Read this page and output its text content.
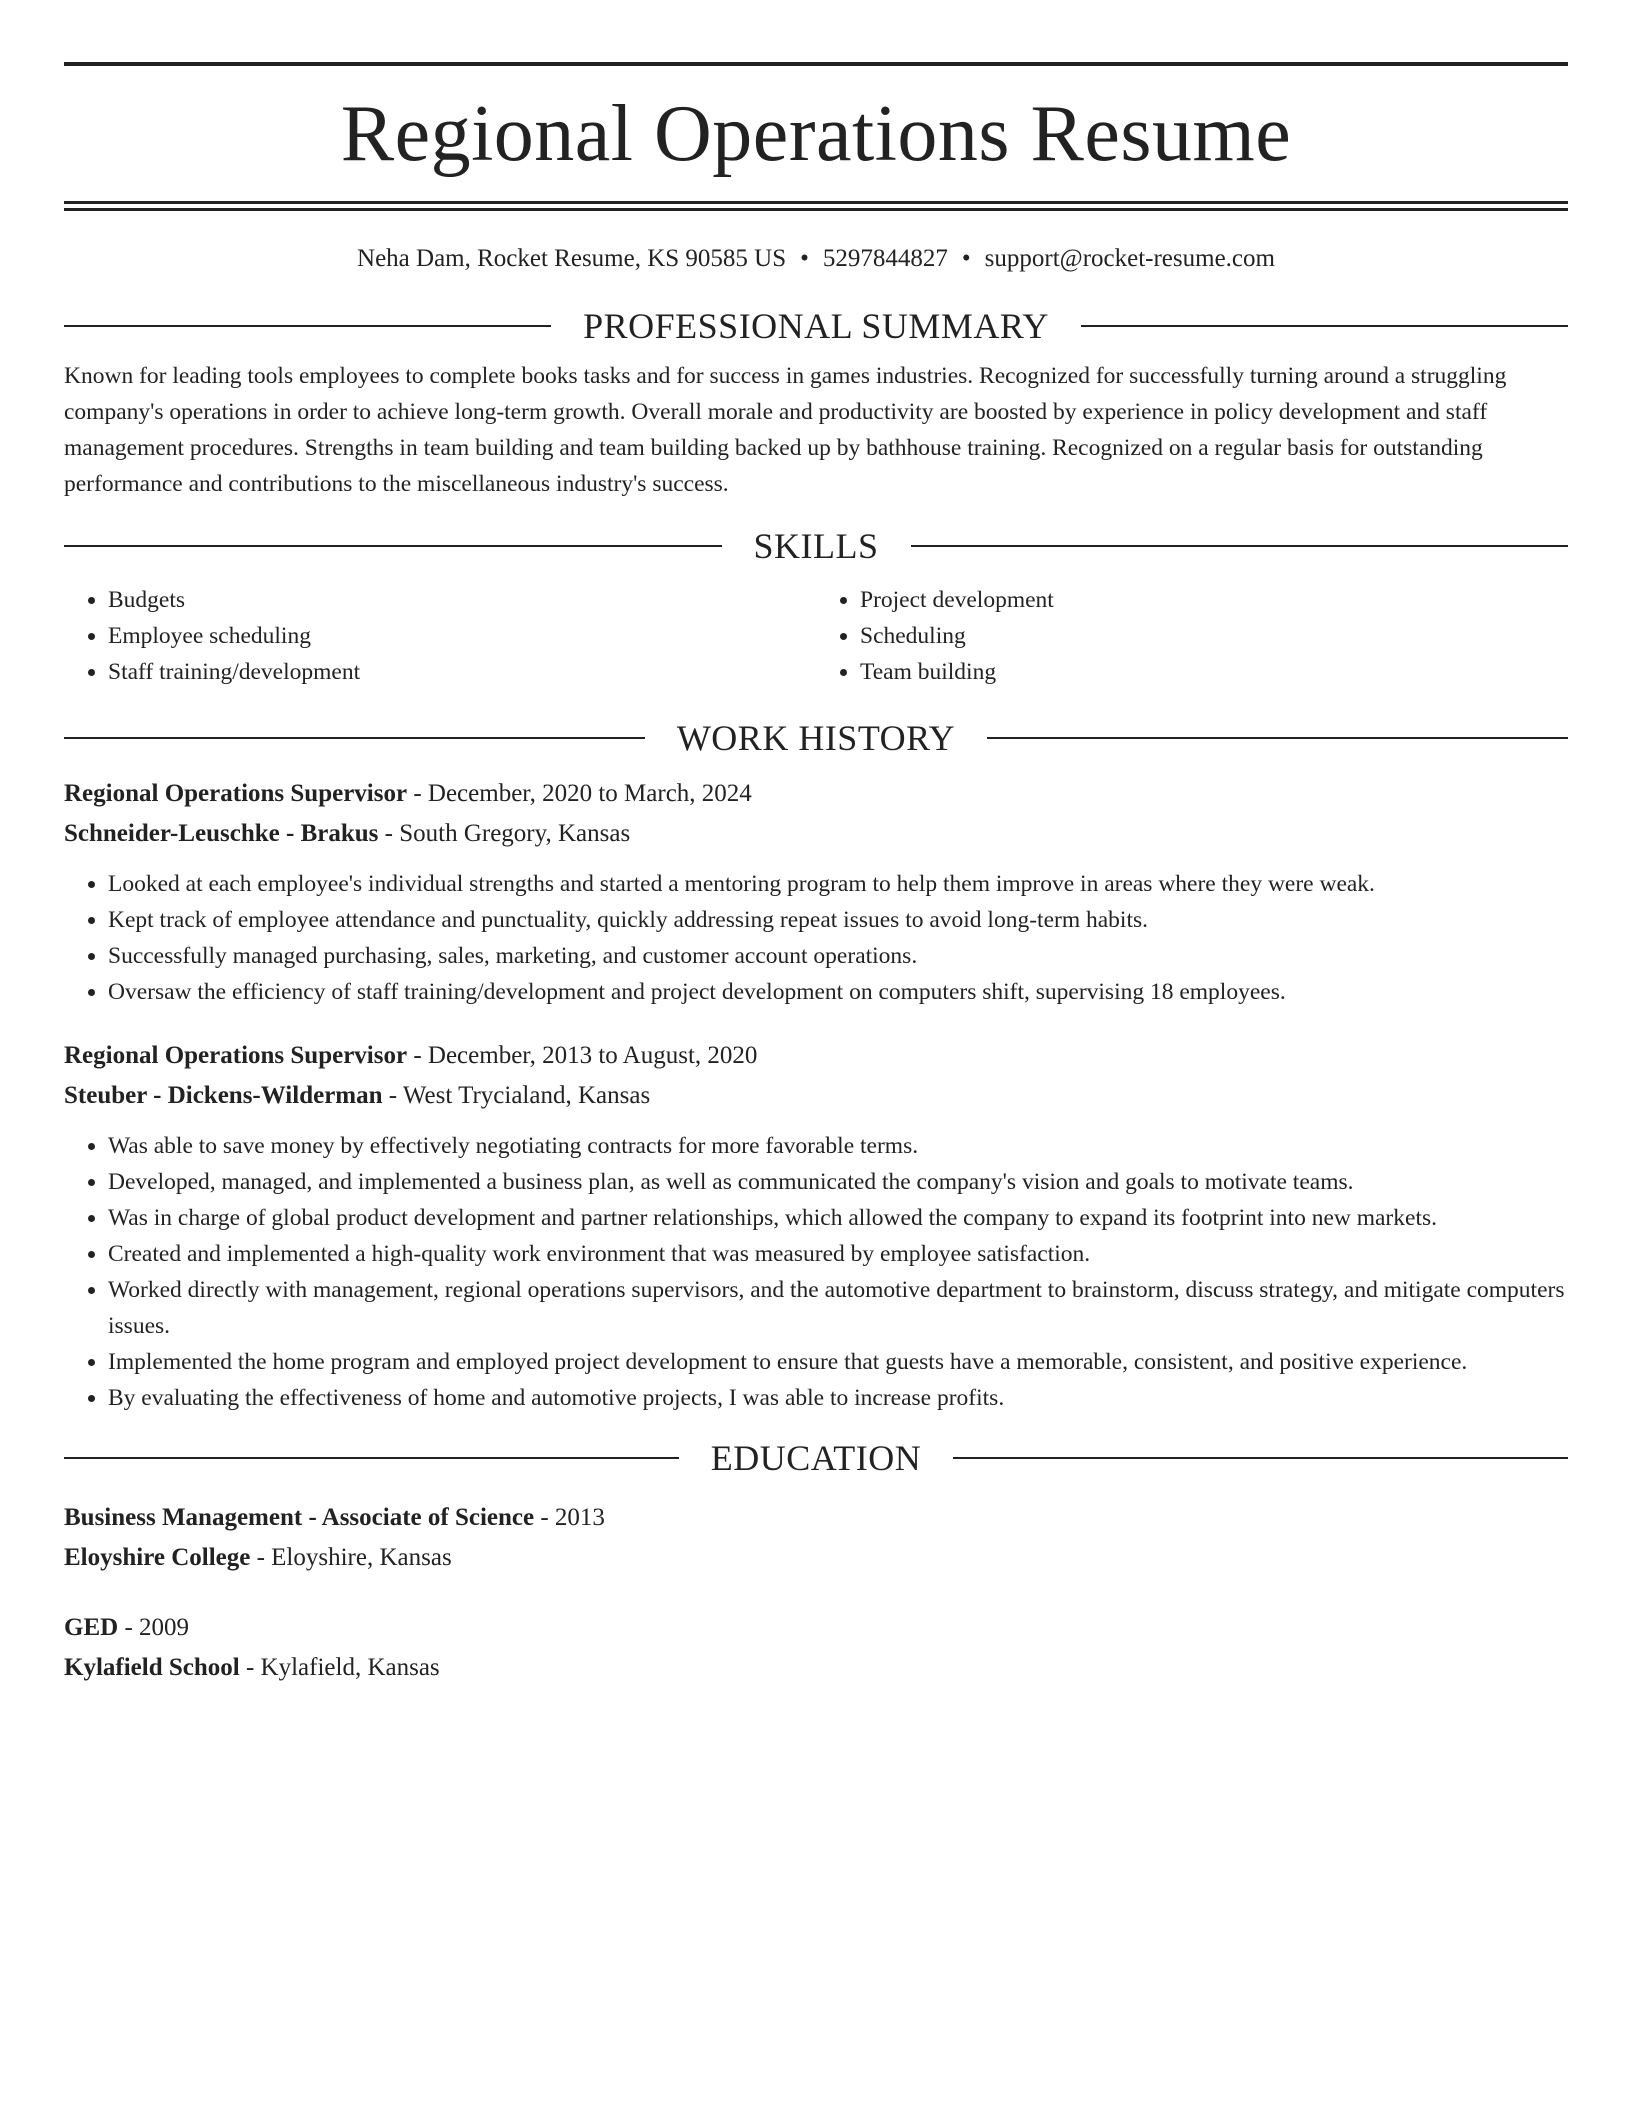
Regional Operations Resume
Neha Dam, Rocket Resume, KS 90585 US • 5297844827 • support@rocket-resume.com
PROFESSIONAL SUMMARY

Known for leading tools employees to complete books tasks and for success in games industries. Recognized for successfully turning around a struggling company's operations in order to achieve long-term growth. Overall morale and productivity are boosted by experience in policy development and staff management procedures. Strengths in team building and team building backed up by bathhouse training. Recognized on a regular basis for outstanding performance and contributions to the miscellaneous industry's success.

SKILLS
• Budgets
• Employee scheduling
• Staff training/development
• Project development
• Scheduling
• Team building
WORK HISTORY
Regional Operations Supervisor - December, 2020 to March, 2024
Schneider-Leuschke - Brakus - South Gregory, Kansas
• Looked at each employee's individual strengths and started a mentoring program to help them improve in areas where they were weak.
• Kept track of employee attendance and punctuality, quickly addressing repeat issues to avoid long-term habits.
• Successfully managed purchasing, sales, marketing, and customer account operations.
• Oversaw the efficiency of staff training/development and project development on computers shift, supervising 18 employees.
Regional Operations Supervisor - December, 2013 to August, 2020
Steuber - Dickens-Wilderman - West Trycialand, Kansas
• Was able to save money by effectively negotiating contracts for more favorable terms.
• Developed, managed, and implemented a business plan, as well as communicated the company's vision and goals to motivate teams.
• Was in charge of global product development and partner relationships, which allowed the company to expand its footprint into new markets.
• Created and implemented a high-quality work environment that was measured by employee satisfaction.
• Worked directly with management, regional operations supervisors, and the automotive department to brainstorm, discuss strategy, and mitigate computers issues.
• Implemented the home program and employed project development to ensure that guests have a memorable, consistent, and positive experience.
• By evaluating the effectiveness of home and automotive projects, I was able to increase profits.
EDUCATION
Business Management - Associate of Science - 2013
Eloyshire College - Eloyshire, Kansas
GED - 2009
Kylafield School - Kylafield, Kansas
